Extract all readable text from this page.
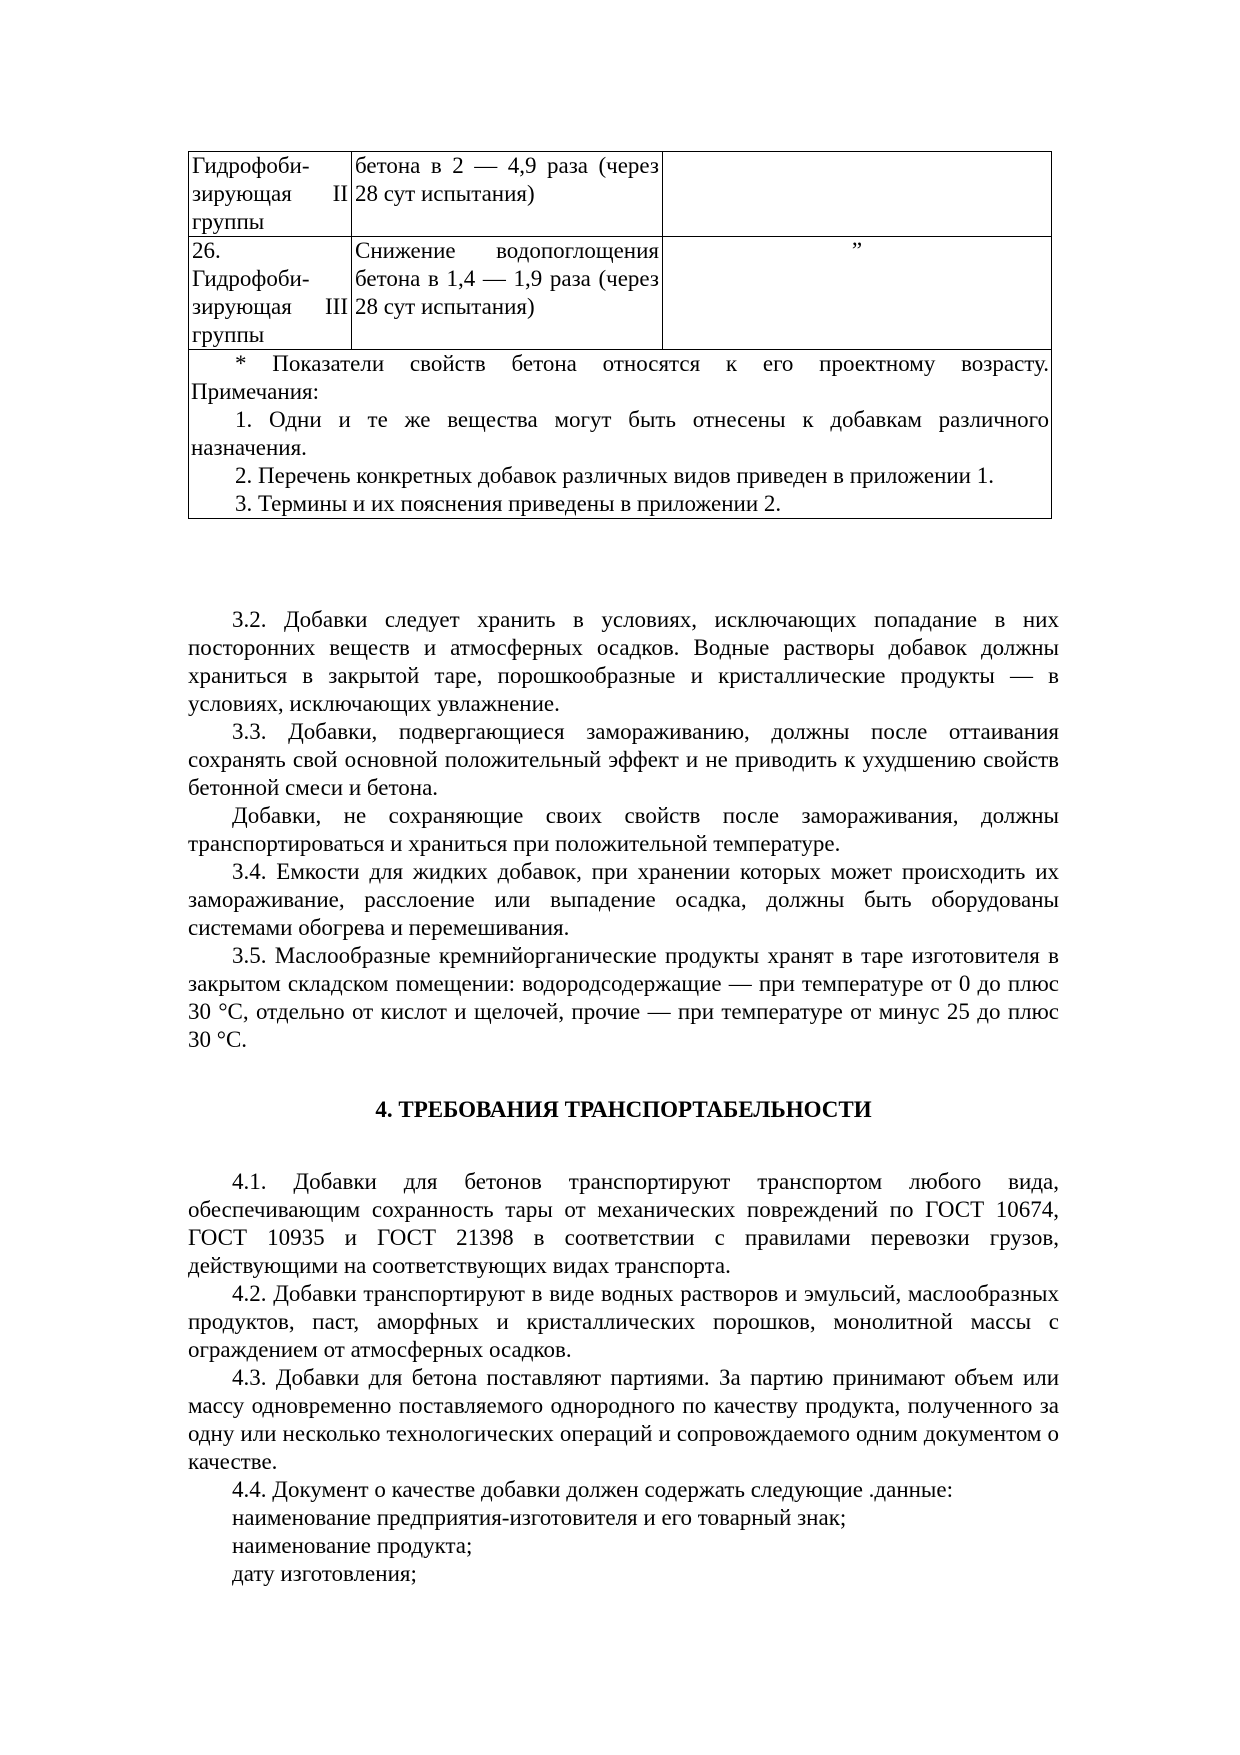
Гидрофоби-
зирующая II
группы	бетона в 2 — 4,9 раза (через 28 сут испытания)	

26.
Гидрофоби-
зирующая III
группы	Снижение водопоглощения бетона в 1,4 — 1,9 раза (через 28 сут испытания)	”

* Показатели свойств бетона относятся к его проектному возрасту.

Примечания:

1. Одни и те же вещества могут быть отнесены к добавкам различного назначения.

2. Перечень конкретных добавок различных видов приведен в приложении 1.

3. Термины и их пояснения приведены в приложении 2.		

3.2. Добавки следует хранить в условиях, исключающих попадание в них посторонних веществ и атмосферных осадков. Водные растворы добавок должны храниться в закрытой таре, порошкообразные и кристаллические продукты — в условиях, исключающих увлажнение.

3.3. Добавки, подвергающиеся замораживанию, должны после оттаивания сохранять свой основной положительный эффект и не приводить к ухудшению свойств бетонной смеси и бетона.

Добавки, не сохраняющие своих свойств после замораживания, должны транспортироваться и храниться при положительной температуре.

3.4. Емкости для жидких добавок, при хранении которых может происходить их замораживание, расслоение или выпадение осадка, должны быть оборудованы системами обогрева и перемешивания.

3.5. Маслообразные кремнийорганические продукты хранят в таре изготовителя в закрытом складском помещении: водородсодержащие — при температуре от 0 до плюс 30 °С, отдельно от кислот и щелочей, прочие — при температуре от минус 25 до плюс 30 °С.

4. ТРЕБОВАНИЯ ТРАНСПОРТАБЕЛЬНОСТИ

4.1. Добавки для бетонов транспортируют транспортом любого вида, обеспечивающим сохранность тары от механических повреждений по ГОСТ 10674, ГОСТ 10935 и ГОСТ 21398 в соответствии с правилами перевозки грузов, действующими на соответствующих видах транспорта.

4.2. Добавки транспортируют в виде водных растворов и эмульсий, маслообразных продуктов, паст, аморфных и кристаллических порошков, монолитной массы с ограждением от атмосферных осадков.

4.3. Добавки для бетона поставляют партиями. За партию принимают объем или массу одновременно поставляемого однородного по качеству продукта, полученного за одну или несколько технологических операций и сопровождаемого одним документом о качестве.

4.4. Документ о качестве добавки должен содержать следующие .данные:

наименование предприятия-изготовителя и его товарный знак;

наименование продукта;

дату изготовления;
